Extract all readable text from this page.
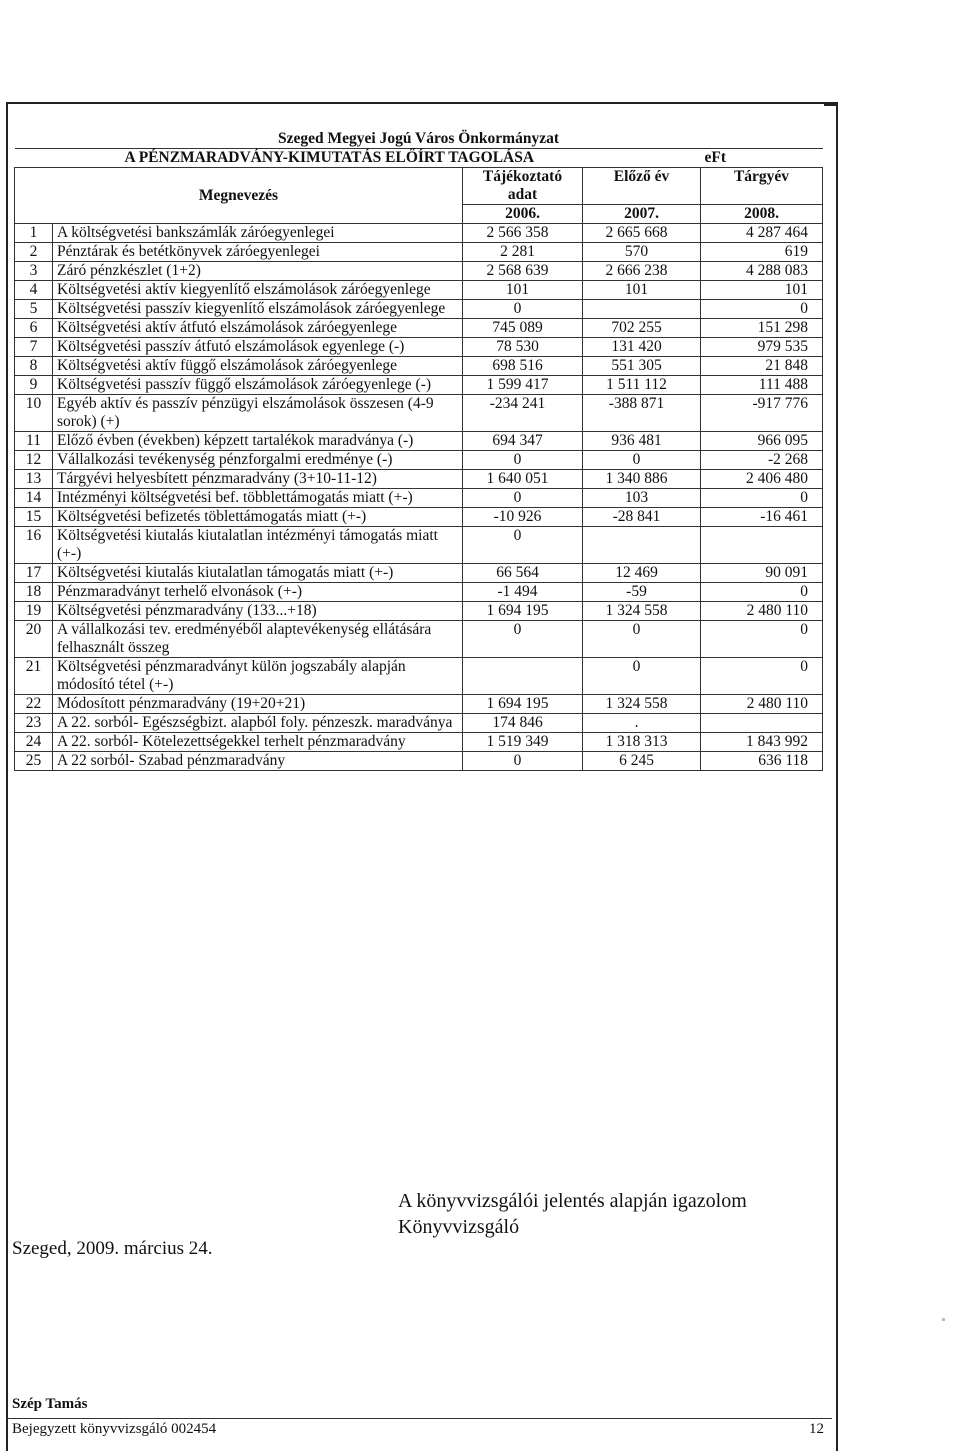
Szeged Megyei Jogú Város Önkormányzat				

A PÉNZMARADVÁNY-KIMUTATÁS ELŐÍRT TAGOLÁSA				eFt
Megnevezés		Tájékoztató adat	Előző év	Tárgyév
		2006.	2007.	2008.
1	A költségvetési bankszámlák záróegyenlegei	2 566 358	2 665 668	4 287 464
2	Pénztárak és betétkönyvek záróegyenlegei	2 281	570	619
3	Záró pénzkészlet (1+2)	2 568 639	2 666 238	4 288 083
4	Költségvetési aktív kiegyenlítő elszámolások záróegyenlege	101	101	101
5	Költségvetési passzív kiegyenlítő elszámolások záróegyenlege	0		0
6	Költségvetési aktív átfutó elszámolások záróegyenlege	745 089	702 255	151 298
7	Költségvetési passzív átfutó elszámolások egyenlege (-)	78 530	131 420	979 535
8	Költségvetési aktív függő elszámolások záróegyenlege	698 516	551 305	21 848
9	Költségvetési passzív függő elszámolások záróegyenlege (-)	1 599 417	1 511 112	111 488
10	Egyéb aktív és passzív pénzügyi elszámolások összesen (4-9 sorok) (+)	-234 241	-388 871	-917 776
11	Előző évben (években) képzett tartalékok maradványa (-)	694 347	936 481	966 095
12	Vállalkozási tevékenység pénzforgalmi eredménye (-)	0	0	-2 268
13	Tárgyévi helyesbített pénzmaradvány (3+10-11-12)	1 640 051	1 340 886	2 406 480
14	Intézményi költségvetési bef. többlettámogatás miatt (+-)	0	103	0
15	Költségvetési befizetés töblettámogatás miatt (+-)	-10 926	-28 841	-16 461
16	Költségvetési kiutalás kiutalatlan intézményi támogatás miatt (+-)	0		
17	Költségvetési kiutalás kiutalatlan támogatás miatt (+-)	66 564	12 469	90 091
18	Pénzmaradványt terhelő elvonások (+-)	-1 494	-59	0
19	Költségvetési pénzmaradvány (133...+18)	1 694 195	1 324 558	2 480 110
20	A vállalkozási tev. eredményéből alaptevékenység ellátására felhasznált összeg	0	0	0
21	Költségvetési pénzmaradványt külön jogszabály alapján módosító tétel (+-)		0	0
22	Módosított pénzmaradvány (19+20+21)	1 694 195	1 324 558	2 480 110
23	A 22. sorból- Egészségbizt. alapból foly. pénzeszk. maradványa	174 846	.	
24	A 22. sorból- Kötelezettségekkel terhelt pénzmaradvány	1 519 349	1 318 313	1 843 992
25	A 22 sorból- Szabad pénzmaradvány	0	6 245	636 118
A könyvvizsgálói jelentés alapján igazolom
Könyvvizsgáló
Szeged, 2009. március 24.
Szép Tamás
Bejegyzett könyvvizsgáló 002454	12
